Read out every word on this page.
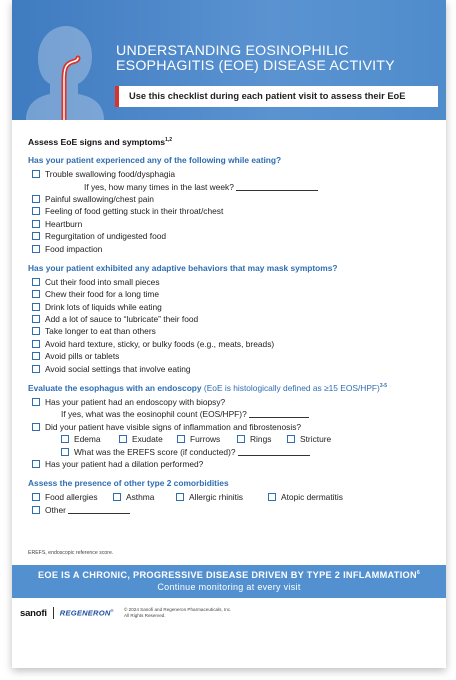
UNDERSTANDING EOSINOPHILIC
ESOPHAGITIS (EOE) DISEASE ACTIVITY
Use this checklist during each patient visit to assess their EoE
Assess EoE signs and symptoms$^{1,2}$
Has your patient experienced any of the following while eating?
Trouble swallowing food/dysphagia
If yes, how many times in the last week?
Painful swallowing/chest pain
Feeling of food getting stuck in their throat/chest
Heartburn
Regurgitation of undigested food
Food impaction
Has your patient exhibited any adaptive behaviors that may mask symptoms?
Cut their food into small pieces
Chew their food for a long time
Drink lots of liquids while eating
Add a lot of sauce to “lubricate” their food
Take longer to eat than others
Avoid hard texture, sticky, or bulky foods (e.g., meats, breads)
Avoid pills or tablets
Avoid social settings that involve eating
Evaluate the esophagus with an endoscopy (EoE is histologically defined as ≥15 EOS/HPF)$^{3-5}$
Has your patient had an endoscopy with biopsy?
If yes, what was the eosinophil count (EOS/HPF)?
Did your patient have visible signs of inflammation and fibrostenosis?
Edema	Exudate	Furrows	Rings	Stricture
What was the EREFS score (if conducted)?
Has your patient had a dilation performed?
Assess the presence of other type 2 comorbidities
Food allergies	Asthma	Allergic rhinitis	Atopic dermatitis
Other
EREFS, endoscopic reference score.
EOE IS A CHRONIC, PROGRESSIVE DISEASE DRIVEN BY TYPE 2 INFLAMMATION$^6$
Continue monitoring at every visit
sanofi REGENERON® © 2024 Sanofi and Regeneron Pharmaceuticals, Inc.
All Rights Reserved.
